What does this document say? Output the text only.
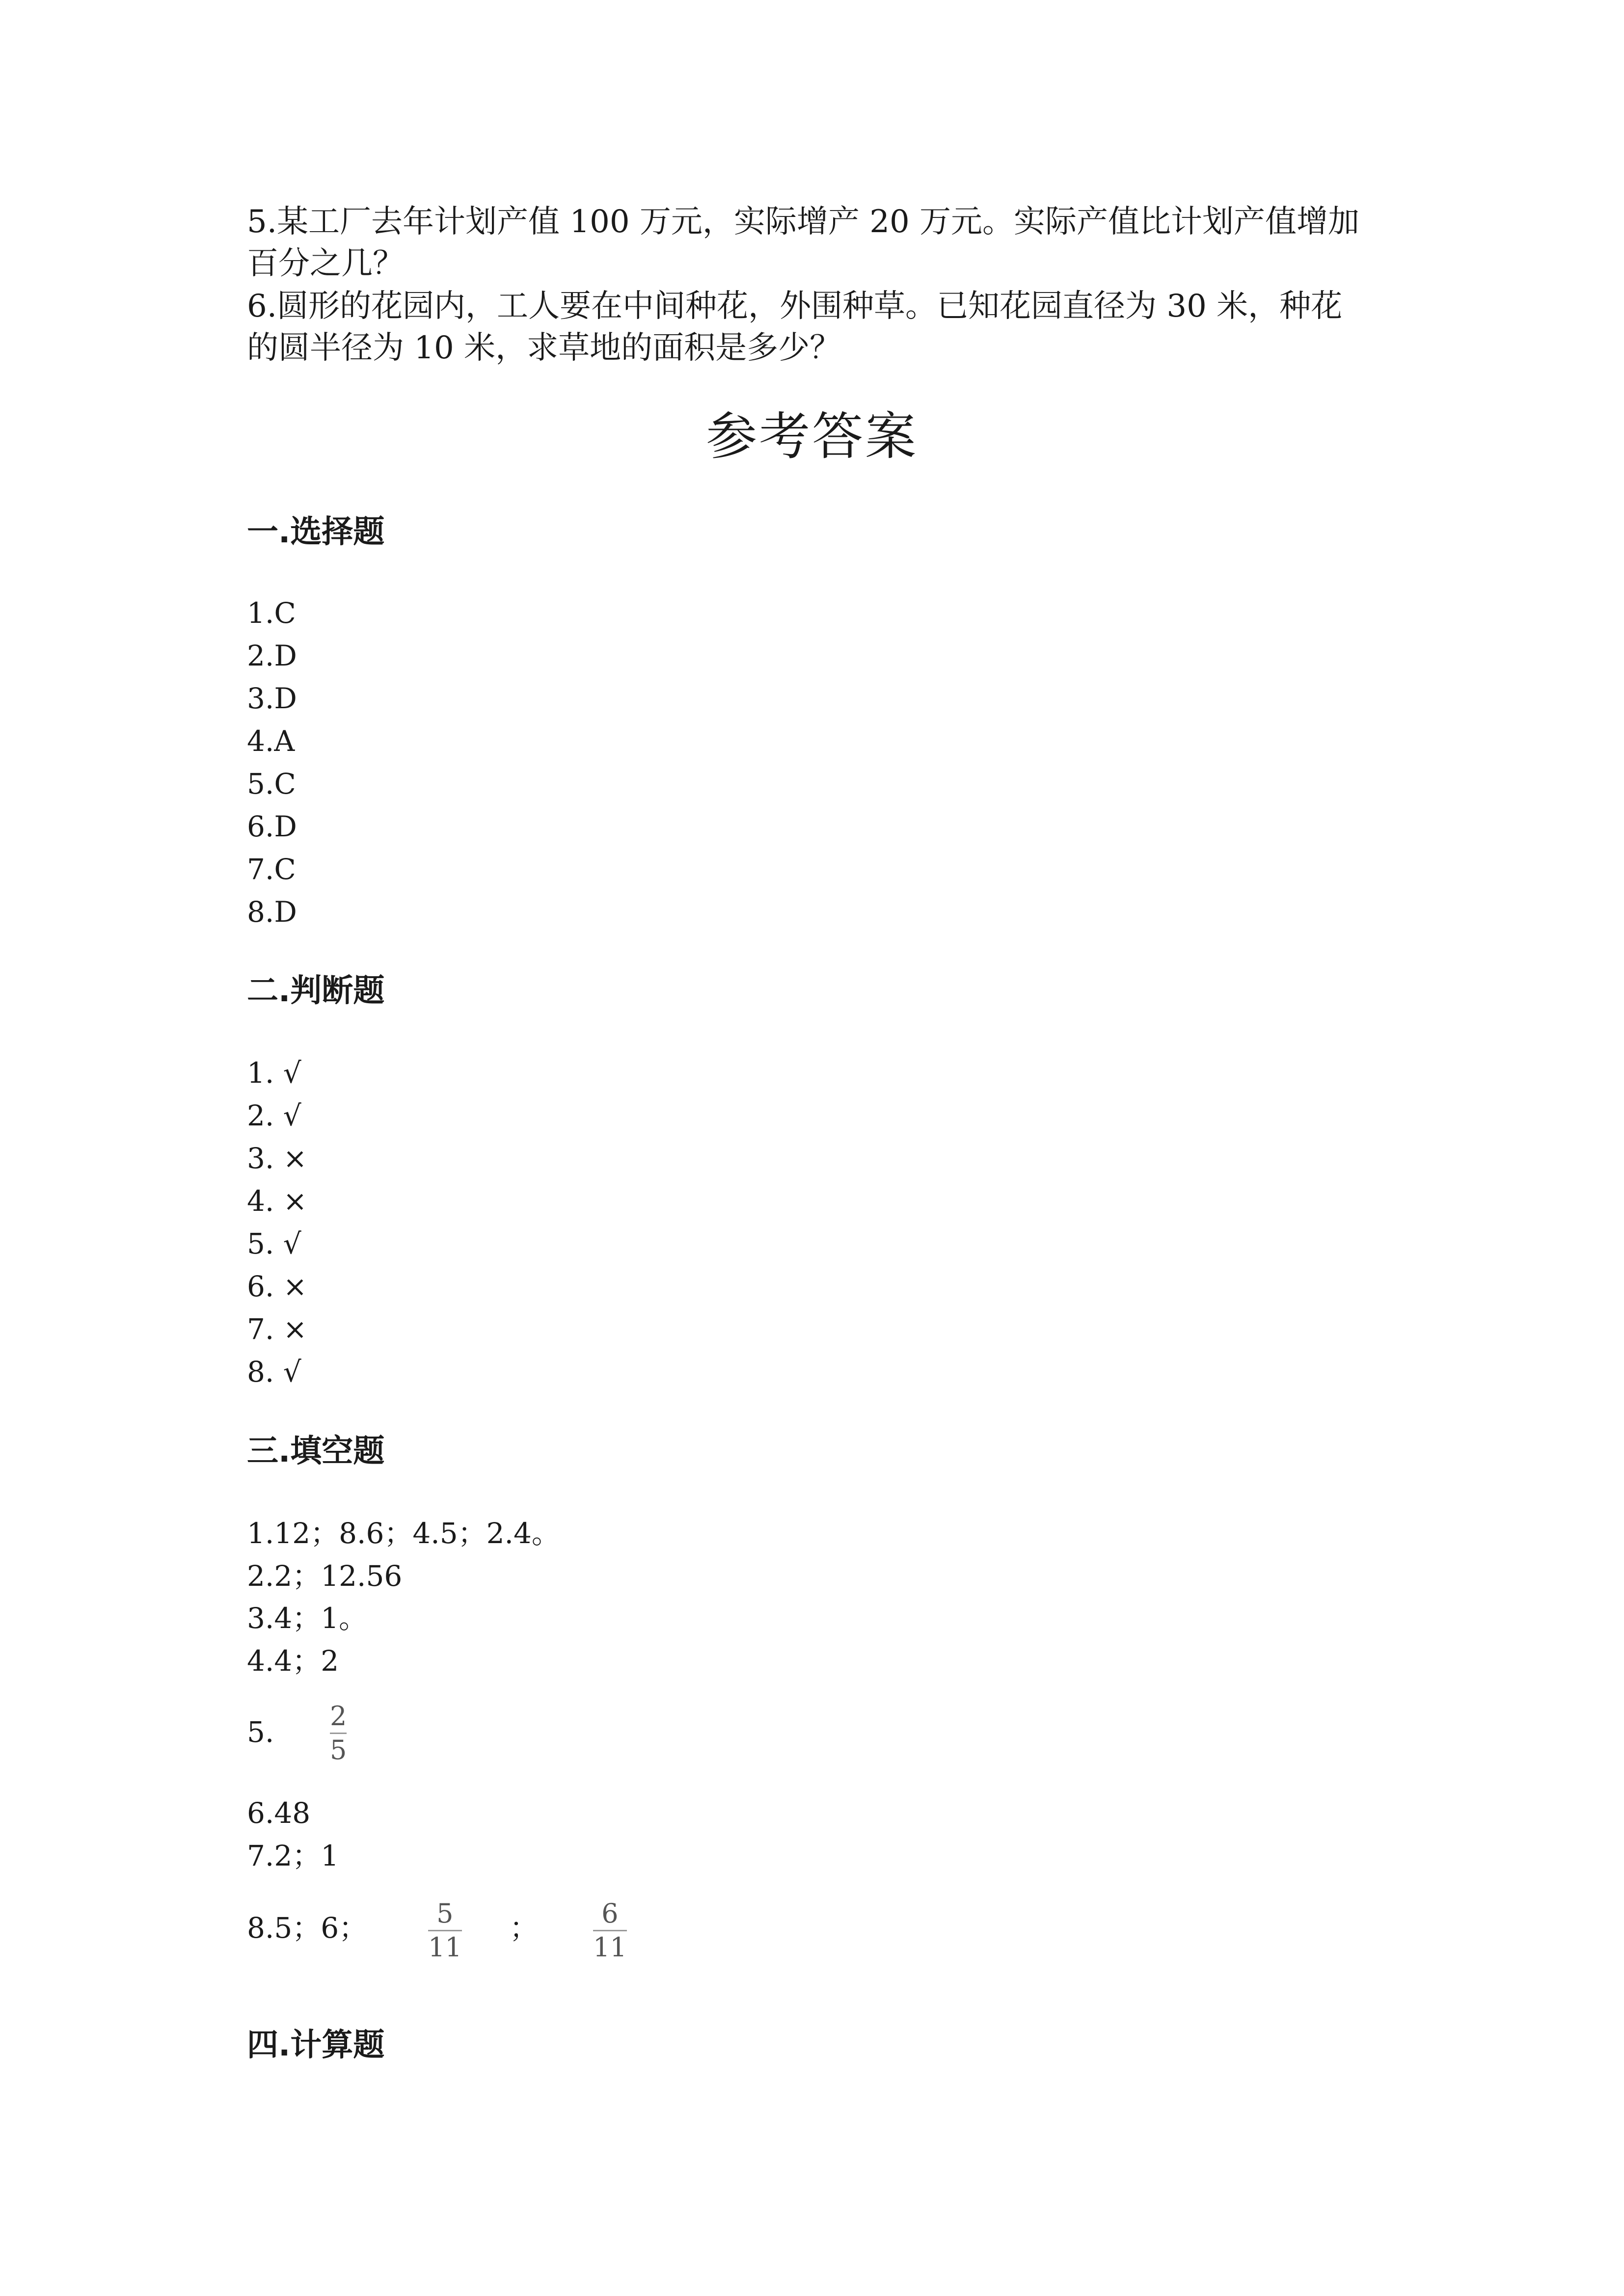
5.某工厂去年计划产值 100 万元，实际增产 20 万元。实际产值比计划产值增加
百分之几？
6.圆形的花园内，工人要在中间种花，外围种草。已知花园直径为 30 米，种花
的圆半径为 10 米，求草地的面积是多少？
参考答案
一.选择题
1.C
2.D
3.D
4.A
5.C
6.D
7.C
8.D
二.判断题
1. √
2. √
3. ×
4. ×
5. √
6. ×
7. ×
8. √
三.填空题
1.12；8.6；4.5；2.4。
2.2；12.56
3.4；1。
4.4；2
5. 2
5
6.48
7.2；1
8.5；6；	5
11
； 6
11
四.计算题
